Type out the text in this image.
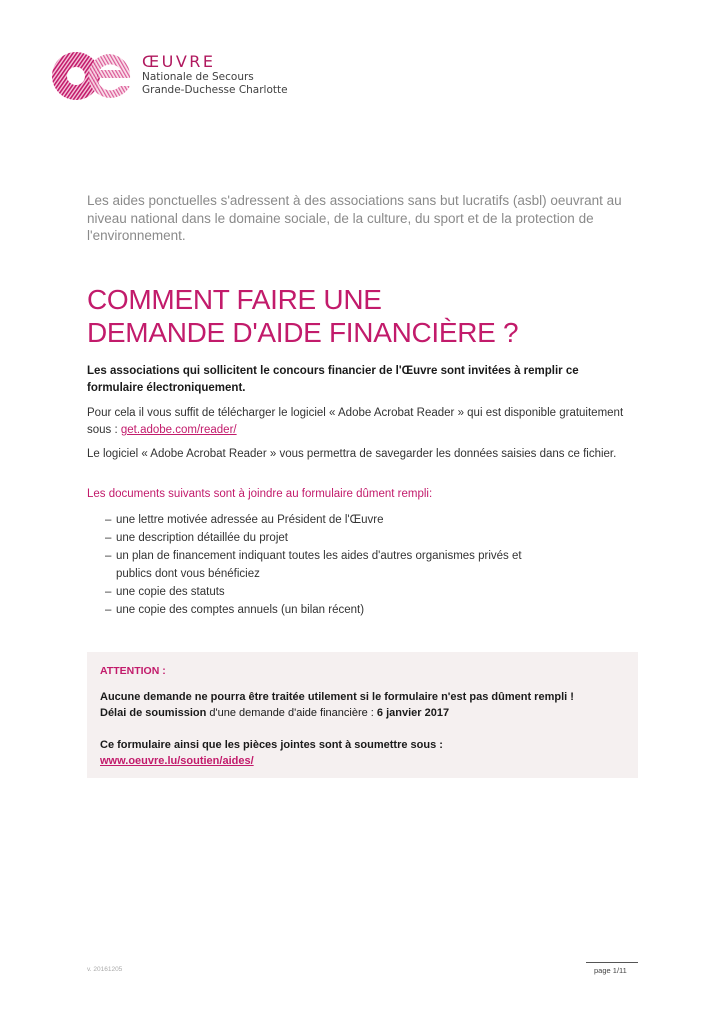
ŒUVRE
Nationale de Secours
Grande-Duchesse Charlotte
Les aides ponctuelles s'adressent à des associations sans but lucratifs (asbl) oeuvrant au niveau national dans le domaine sociale, de la culture, du sport et de la protection de l'environnement.
COMMENT FAIRE UNE
DEMANDE D'AIDE FINANCIÈRE ?
Les associations qui sollicitent le concours financier de l'Œuvre sont invitées à remplir ce formulaire électroniquement.
Pour cela il vous suffit de télécharger le logiciel « Adobe Acrobat Reader » qui est disponible gratuitement sous : get.adobe.com/reader/
Le logiciel « Adobe Acrobat Reader » vous permettra de savegarder les données saisies dans ce fichier.
Les documents suivants sont à joindre au formulaire dûment rempli:
– une lettre motivée adressée au Président de l'Œuvre
– une description détaillée du projet
– un plan de financement indiquant toutes les aides d'autres organismes privés et publics dont vous bénéficiez
– une copie des statuts
– une copie des comptes annuels (un bilan récent)
ATTENTION :
Aucune demande ne pourra être traitée utilement si le formulaire n'est pas dûment rempli !
Délai de soumission d'une demande d'aide financière : 6 janvier 2017
Ce formulaire ainsi que les pièces jointes sont à soumettre sous :
www.oeuvre.lu/soutien/aides/
v. 20161205	page 1/11
